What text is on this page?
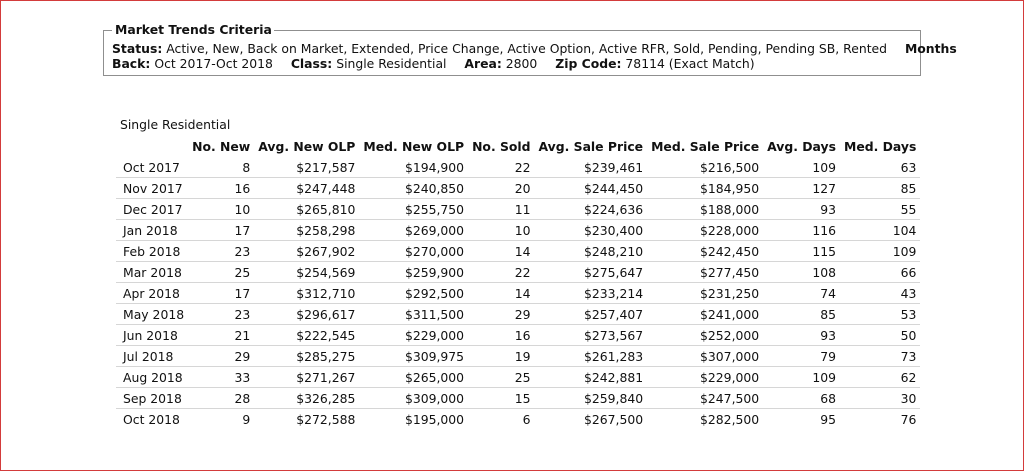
Market Trends Criteria
Status: Active, New, Back on Market, Extended, Price Change, Active Option, Active RFR, Sold, Pending, Pending SB, Rented Months
Back: Oct 2017-Oct 2018 Class: Single Residential Area: 2800 Zip Code: 78114 (Exact Match)
Single Residential
	No. New	Avg. New OLP	Med. New OLP	No. Sold	Avg. Sale Price	Med. Sale Price	Avg. Days	Med. Days
Oct 2017	8	$217,587	$194,900	22	$239,461	$216,500	109	63
Nov 2017	16	$247,448	$240,850	20	$244,450	$184,950	127	85
Dec 2017	10	$265,810	$255,750	11	$224,636	$188,000	93	55
Jan 2018	17	$258,298	$269,000	10	$230,400	$228,000	116	104
Feb 2018	23	$267,902	$270,000	14	$248,210	$242,450	115	109
Mar 2018	25	$254,569	$259,900	22	$275,647	$277,450	108	66
Apr 2018	17	$312,710	$292,500	14	$233,214	$231,250	74	43
May 2018	23	$296,617	$311,500	29	$257,407	$241,000	85	53
Jun 2018	21	$222,545	$229,000	16	$273,567	$252,000	93	50
Jul 2018	29	$285,275	$309,975	19	$261,283	$307,000	79	73
Aug 2018	33	$271,267	$265,000	25	$242,881	$229,000	109	62
Sep 2018	28	$326,285	$309,000	15	$259,840	$247,500	68	30
Oct 2018	9	$272,588	$195,000	6	$267,500	$282,500	95	76
